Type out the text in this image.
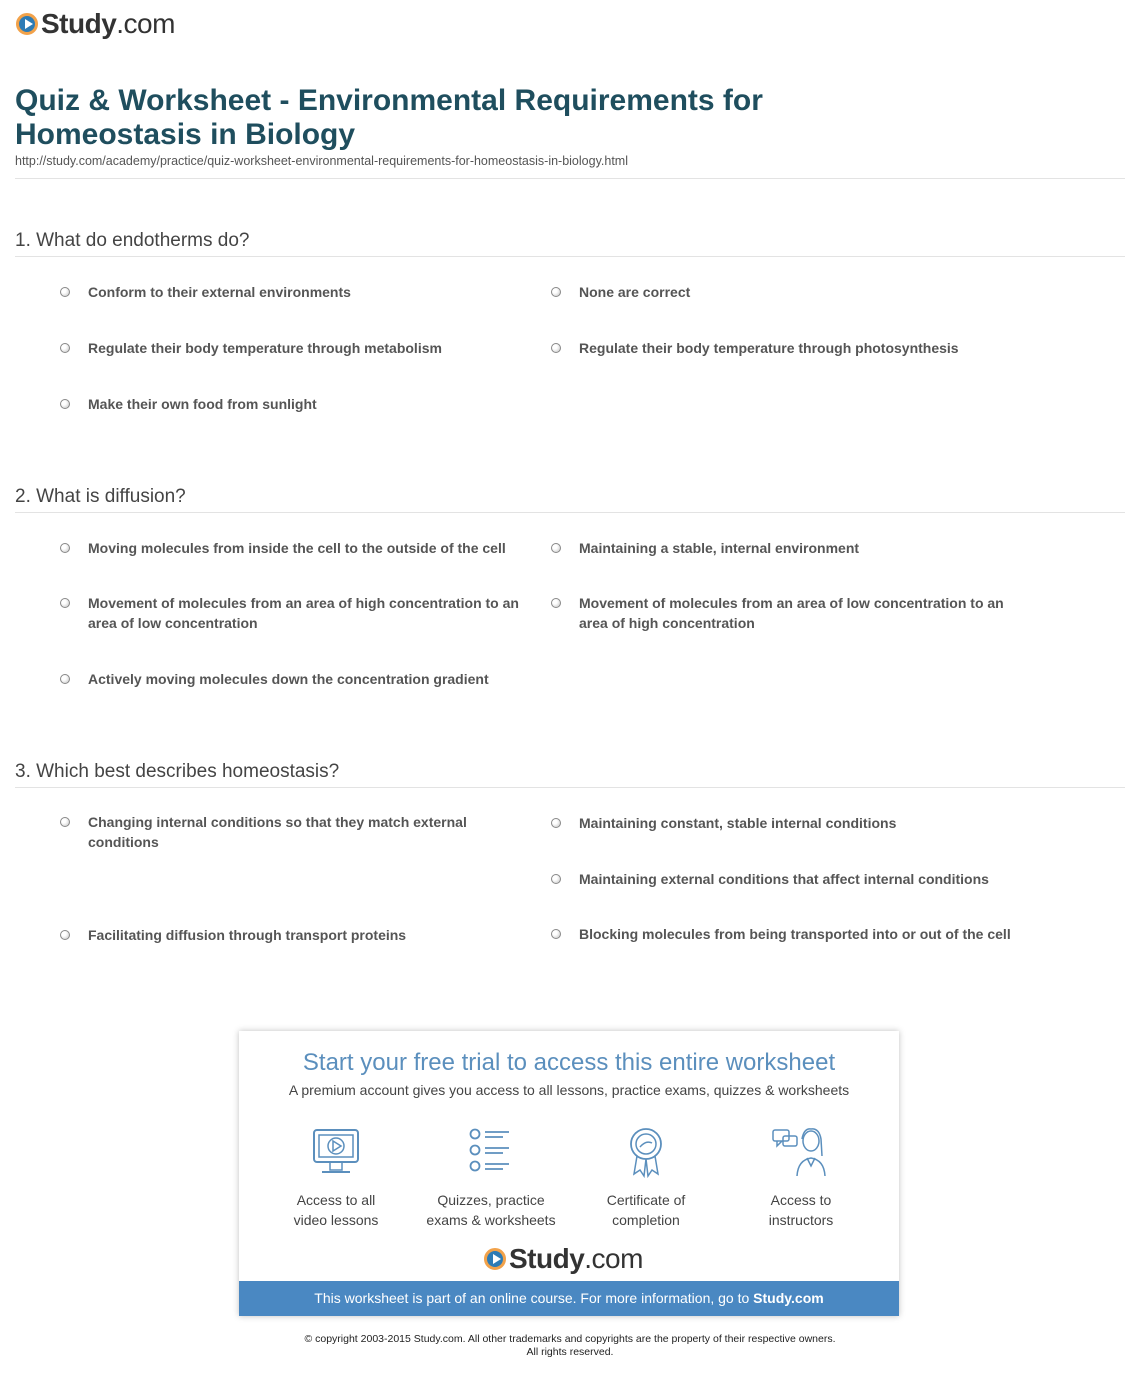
Study.com
Quiz & Worksheet - Environmental Requirements for Homeostasis in Biology
http://study.com/academy/practice/quiz-worksheet-environmental-requirements-for-homeostasis-in-biology.html
1. What do endotherms do?
Conform to their external environments	None are correct
Regulate their body temperature through metabolism	Regulate their body temperature through photosynthesis
Make their own food from sunlight
2. What is diffusion?
Moving molecules from inside the cell to the outside of the cell	Maintaining a stable, internal environment
Movement of molecules from an area of high concentration to an area of low concentration
Movement of molecules from an area of low concentration to an area of high concentration
Actively moving molecules down the concentration gradient
3. Which best describes homeostasis?
Changing internal conditions so that they match external conditions
Maintaining constant, stable internal conditions
Maintaining external conditions that affect internal conditions
Facilitating diffusion through transport proteins	Blocking molecules from being transported into or out of the cell
Start your free trial to access this entire worksheet
A premium account gives you access to all lessons, practice exams, quizzes & worksheets
Access to all
video lessons
Quizzes, practice
exams & worksheets
Certificate of
completion
Access to
instructors
Study.com
This worksheet is part of an online course. For more information, go to Study.com
© copyright 2003-2015 Study.com. All other trademarks and copyrights are the property of their respective owners.
All rights reserved.
